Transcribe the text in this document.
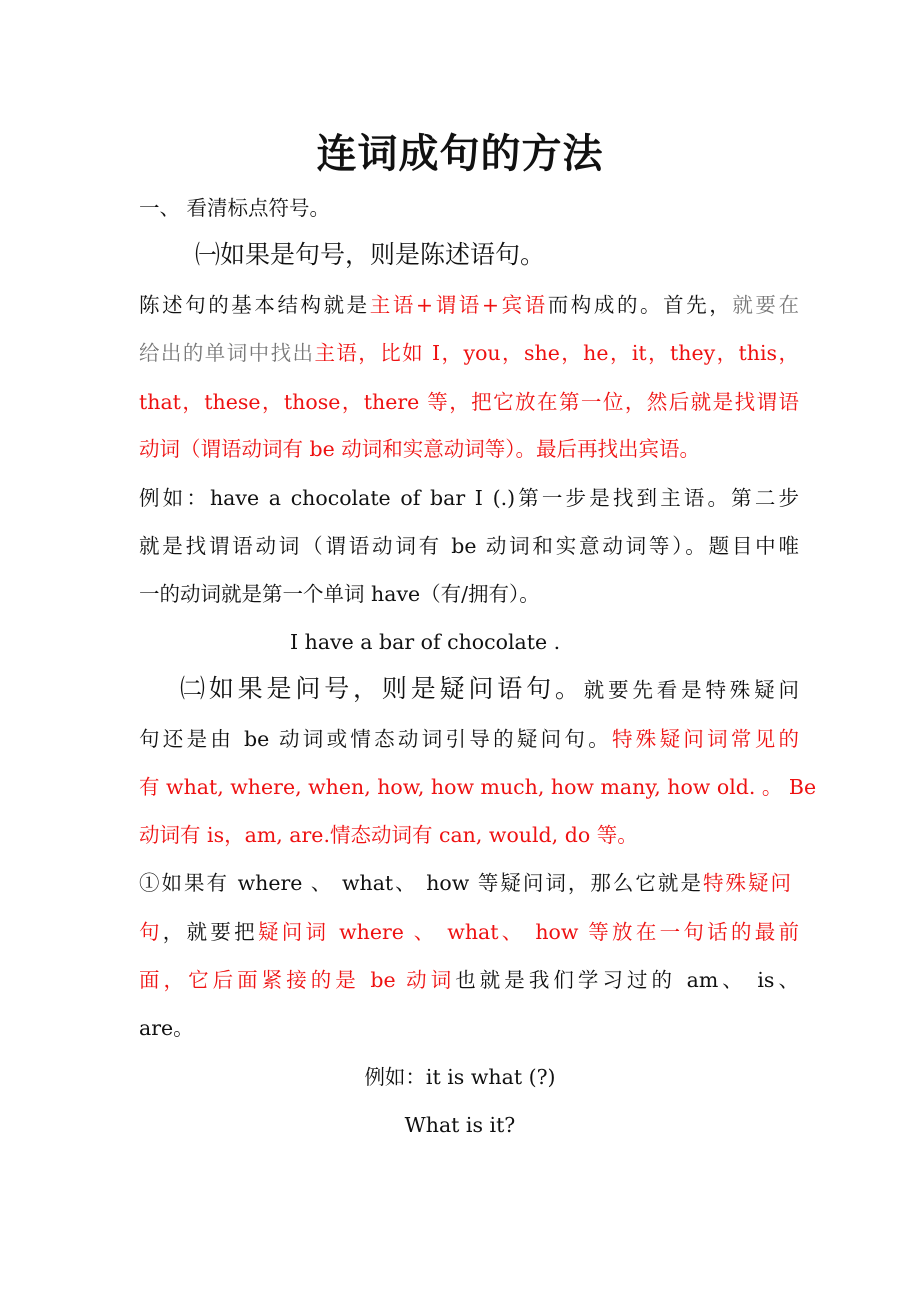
连词成句的方法
一、 看清标点符号。
㈠如果是句号，则是陈述语句。
陈述句的基本结构就是主语+谓语+宾语而构成的。首先，就要在
给出的单词中找出主语，比如 I，you，she，he，it，they，this，
that，these，those，there 等，把它放在第一位，然后就是找谓语
动词（谓语动词有 be 动词和实意动词等）。最后再找出宾语。
例如：have a chocolate of bar I (.)第一步是找到主语。第二步
就是找谓语动词（谓语动词有 be 动词和实意动词等）。题目中唯
一的动词就是第一个单词 have（有/拥有）。
I have a bar of chocolate .
㈡如果是问号，则是疑问语句。就要先看是特殊疑问
句还是由 be 动词或情态动词引导的疑问句。特殊疑问词常见的
有 what, where, when, how, how much, how many, how old. 。 Be
动词有 is，am, are.情态动词有 can, would, do 等。
①如果有 where 、 what、 how 等疑问词，那么它就是特殊疑问
句，就要把疑问词 where 、 what、 how 等放在一句话的最前
面，它后面紧接的是 be 动词也就是我们学习过的 am、 is、
are。
例如：it is what (?)
What is it?
